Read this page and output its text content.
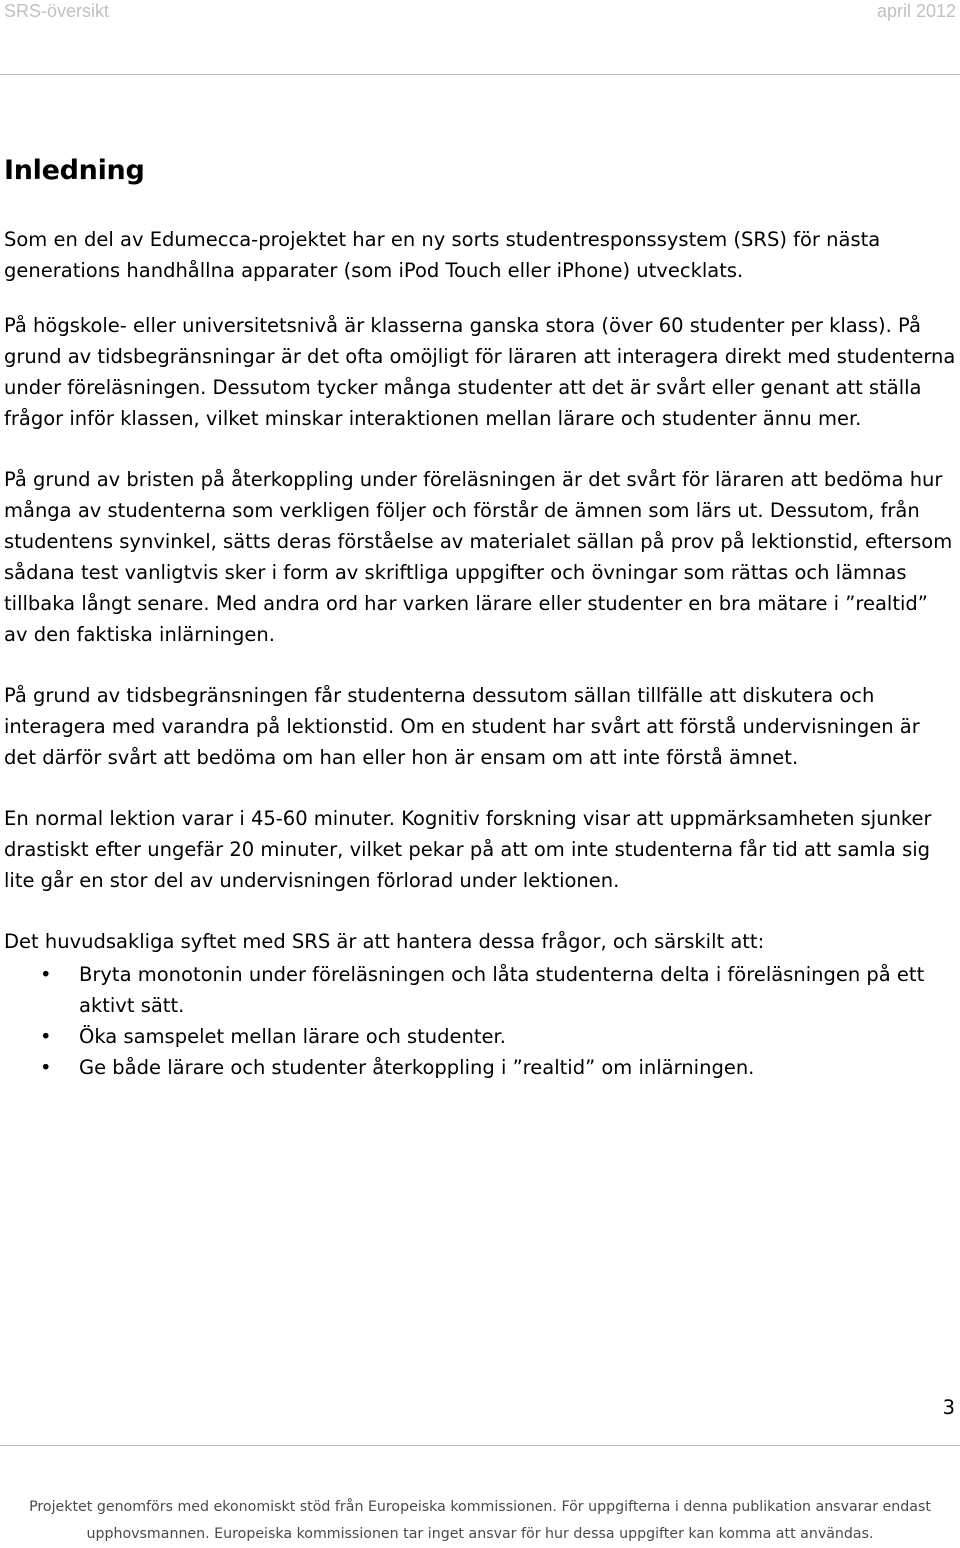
SRS-översikt	april 2012
Inledning

Som en del av Edumecca-projektet har en ny sorts studentresponssystem (SRS) för nästa generations handhållna apparater (som iPod Touch eller iPhone) utvecklats.

På högskole- eller universitetsnivå är klasserna ganska stora (över 60 studenter per klass). På grund av tidsbegränsningar är det ofta omöjligt för läraren att interagera direkt med studenterna under föreläsningen. Dessutom tycker många studenter att det är svårt eller genant att ställa frågor inför klassen, vilket minskar interaktionen mellan lärare och studenter ännu mer.

På grund av bristen på återkoppling under föreläsningen är det svårt för läraren att bedöma hur många av studenterna som verkligen följer och förstår de ämnen som lärs ut. Dessutom, från studentens synvinkel, sätts deras förståelse av materialet sällan på prov på lektionstid, eftersom sådana test vanligtvis sker i form av skriftliga uppgifter och övningar som rättas och lämnas tillbaka långt senare. Med andra ord har varken lärare eller studenter en bra mätare i ”realtid” av den faktiska inlärningen.

På grund av tidsbegränsningen får studenterna dessutom sällan tillfälle att diskutera och interagera med varandra på lektionstid. Om en student har svårt att förstå undervisningen är det därför svårt att bedöma om han eller hon är ensam om att inte förstå ämnet.

En normal lektion varar i 45-60 minuter. Kognitiv forskning visar att uppmärksamheten sjunker drastiskt efter ungefär 20 minuter, vilket pekar på att om inte studenterna får tid att samla sig lite går en stor del av undervisningen förlorad under lektionen.

Det huvudsakliga syftet med SRS är att hantera dessa frågor, och särskilt att:

• Bryta monotonin under föreläsningen och låta studenterna delta i föreläsningen på ett aktivt sätt.
• Öka samspelet mellan lärare och studenter.
• Ge både lärare och studenter återkoppling i ”realtid” om inlärningen.
3
Projektet genomförs med ekonomiskt stöd från Europeiska kommissionen. För uppgifterna i denna publikation ansvarar endast
upphovsmannen. Europeiska kommissionen tar inget ansvar för hur dessa uppgifter kan komma att användas.
